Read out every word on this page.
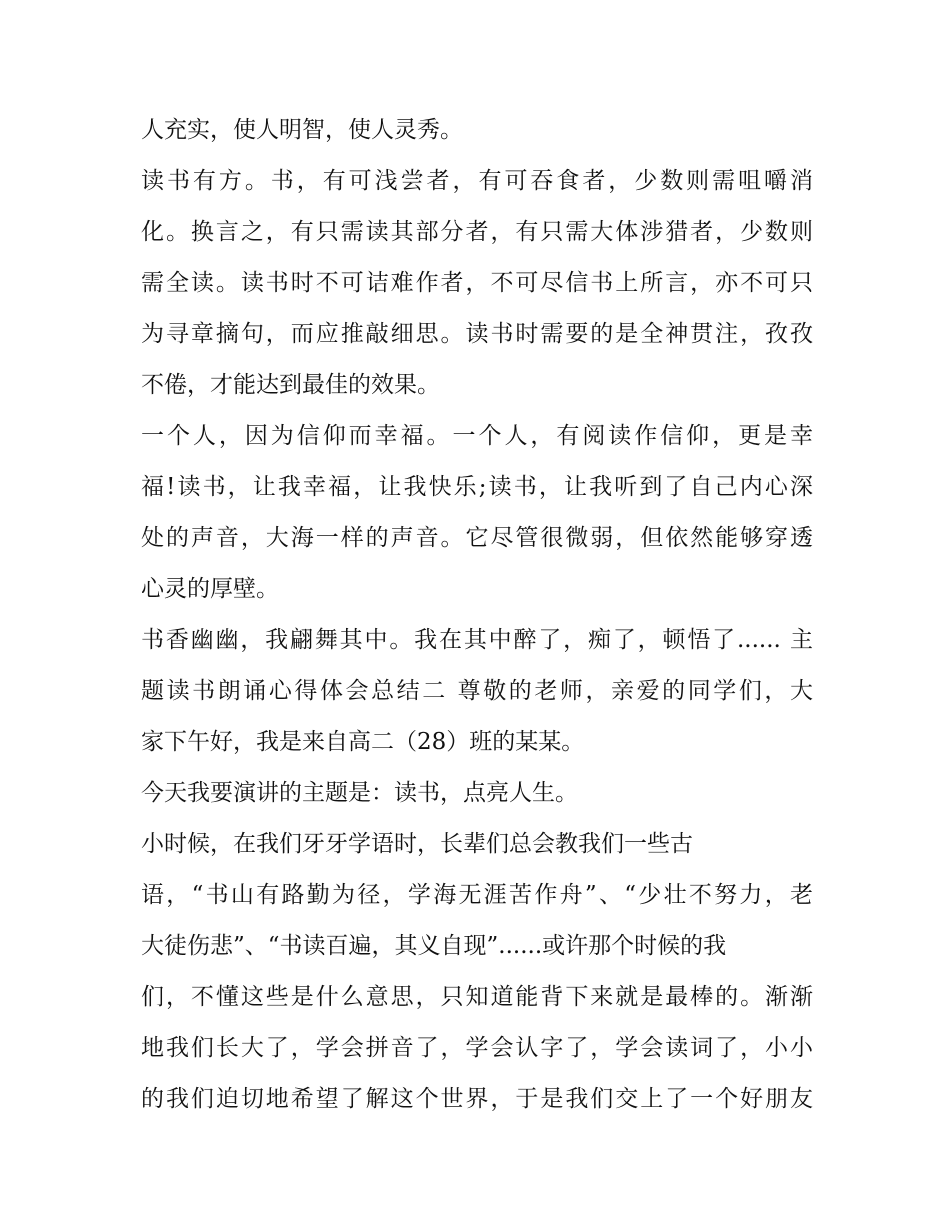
人充实，使人明智，使人灵秀。
读书有方。书，有可浅尝者，有可吞食者，少数则需咀嚼消
化。换言之，有只需读其部分者，有只需大体涉猎者，少数则
需全读。读书时不可诘难作者，不可尽信书上所言，亦不可只
为寻章摘句，而应推敲细思。读书时需要的是全神贯注，孜孜
不倦，才能达到最佳的效果。
一个人，因为信仰而幸福。一个人，有阅读作信仰，更是幸
福!读书，让我幸福，让我快乐;读书，让我听到了自己内心深
处的声音，大海一样的声音。它尽管很微弱，但依然能够穿透
心灵的厚壁。
书香幽幽，我翩舞其中。我在其中醉了，痴了，顿悟了...... 主
题读书朗诵心得体会总结二 尊敬的老师，亲爱的同学们，大
家下午好，我是来自高二（28）班的某某。
今天我要演讲的主题是：读书，点亮人生。
小时候，在我们牙牙学语时，长辈们总会教我们一些古
语，“书山有路勤为径，学海无涯苦作舟”、“少壮不努力，老
大徒伤悲”、“书读百遍，其义自现”......或许那个时候的我
们，不懂这些是什么意思，只知道能背下来就是最棒的。渐渐
地我们长大了，学会拼音了，学会认字了，学会读词了，小小
的我们迫切地希望了解这个世界，于是我们交上了一个好朋友
